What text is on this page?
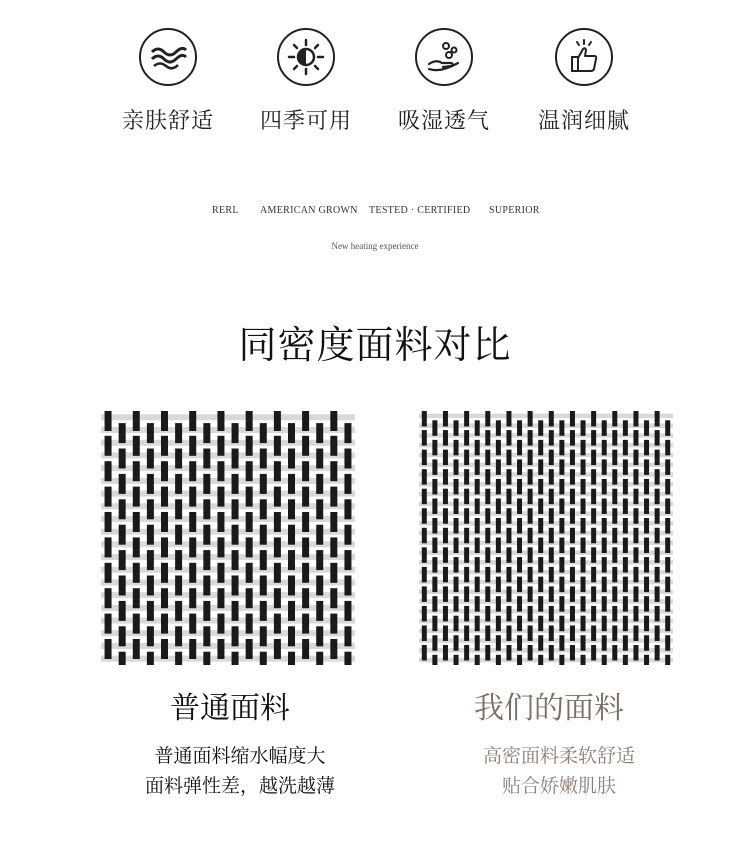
亲肤舒适	四季可用	吸湿透气	温润细腻
RERL AMERICAN GROWN TESTED · CERTIFIED SUPERIOR
New heating experience
同密度面料对比
普通面料
普通面料缩水幅度大
面料弹性差，越洗越薄
我们的面料
高密面料柔软舒适
贴合娇嫩肌肤
